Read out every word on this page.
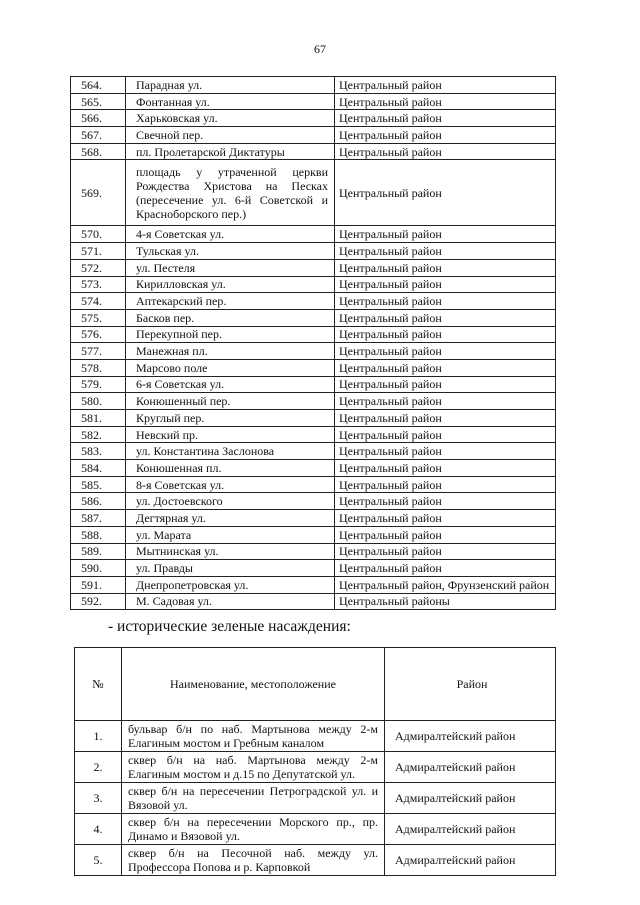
67
564.	Парадная ул.	Центральный район
565.	Фонтанная ул.	Центральный район
566.	Харьковская ул.	Центральный район
567.	Свечной пер.	Центральный район
568.	пл. Пролетарской Диктатуры	Центральный район
569.	площадь у утраченной церкви Рождества Христова на Песках (пересечение ул. 6-й Советской и Красноборского пер.)	Центральный район
570.	4-я Советская ул.	Центральный район
571.	Тульская ул.	Центральный район
572.	ул. Пестеля	Центральный район
573.	Кирилловская ул.	Центральный район
574.	Аптекарский пер.	Центральный район
575.	Басков пер.	Центральный район
576.	Перекупной пер.	Центральный район
577.	Манежная пл.	Центральный район
578.	Марсово поле	Центральный район
579.	6-я Советская ул.	Центральный район
580.	Конюшенный пер.	Центральный район
581.	Круглый пер.	Центральный район
582.	Невский пр.	Центральный район
583.	ул. Константина Заслонова	Центральный район
584.	Конюшенная пл.	Центральный район
585.	8-я Советская ул.	Центральный район
586.	ул. Достоевского	Центральный район
587.	Дегтярная ул.	Центральный район
588.	ул. Марата	Центральный район
589.	Мытнинская ул.	Центральный район
590.	ул. Правды	Центральный район
591.	Днепропетровская ул.	Центральный район, Фрунзенский район
592.	М. Садовая ул.	Центральный районы
- исторические зеленые насаждения:
№	Наименование, местоположение	Район
1.	бульвар б/н по наб. Мартынова между 2-м Елагиным мостом и Гребным каналом	Адмиралтейский район
2.	сквер б/н на наб. Мартынова между 2-м Елагиным мостом и д.15 по Депутатской ул.	Адмиралтейский район
3.	сквер б/н на пересечении Петроградской ул. и Вязовой ул.	Адмиралтейский район
4.	сквер б/н на пересечении Морского пр., пр. Динамо и Вязовой ул.	Адмиралтейский район
5.	сквер б/н на Песочной наб. между ул. Профессора Попова и р. Карповкой	Адмиралтейский район
